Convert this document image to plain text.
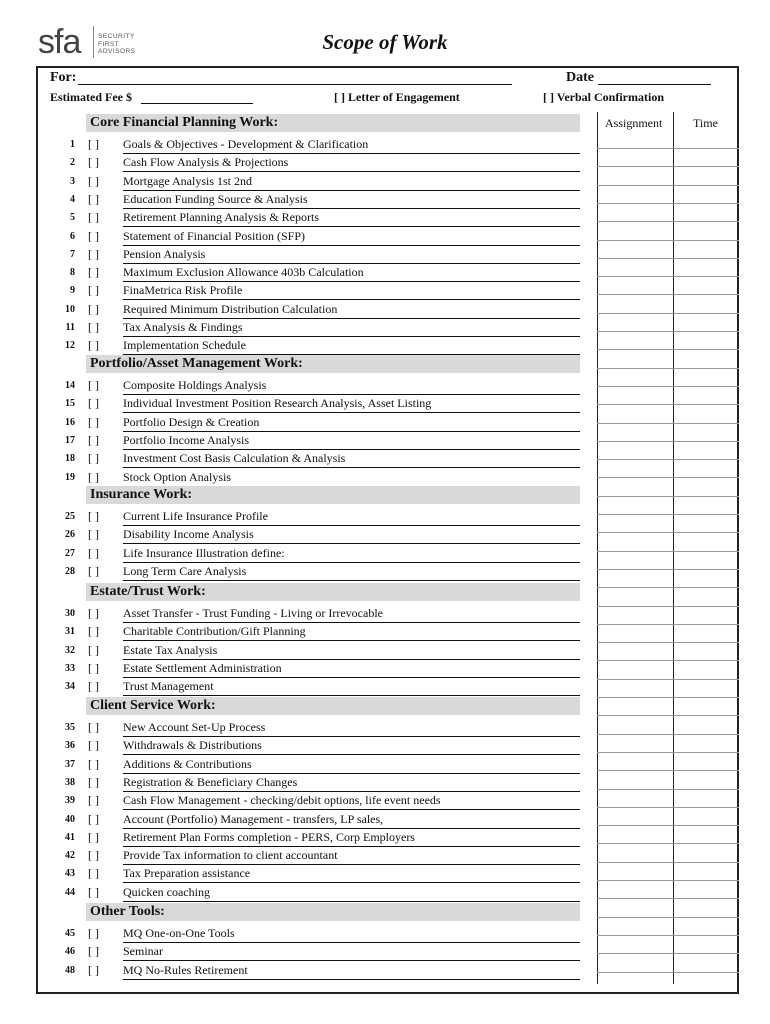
sfa	SECURITY
FIRST
ADVISORS	Scope of Work
For:	Date
Estimated Fee $	[ ] Letter of Engagement	[ ] Verbal Confirmation
Assignment	Time
Core Financial Planning Work:
1 [ ] Goals & Objectives - Development & Clarification
2 [ ] Cash Flow Analysis & Projections
3 [ ] Mortgage Analysis 1st 2nd
4 [ ] Education Funding Source & Analysis
5 [ ] Retirement Planning Analysis & Reports
6 [ ] Statement of Financial Position (SFP)
7 [ ] Pension Analysis
8 [ ] Maximum Exclusion Allowance 403b Calculation
9 [ ] FinaMetrica Risk Profile
10 [ ] Required Minimum Distribution Calculation
11 [ ] Tax Analysis & Findings
12 [ ] Implementation Schedule
Portfolio/Asset Management Work:
14 [ ] Composite Holdings Analysis
15 [ ] Individual Investment Position Research Analysis, Asset Listing
16 [ ] Portfolio Design & Creation
17 [ ] Portfolio Income Analysis
18 [ ] Investment Cost Basis Calculation & Analysis
19 [ ] Stock Option Analysis
Insurance Work:
25 [ ] Current Life Insurance Profile
26 [ ] Disability Income Analysis
27 [ ] Life Insurance Illustration define:
28 [ ] Long Term Care Analysis
Estate/Trust Work:
30 [ ] Asset Transfer - Trust Funding - Living or Irrevocable
31 [ ] Charitable Contribution/Gift Planning
32 [ ] Estate Tax Analysis
33 [ ] Estate Settlement Administration
34 [ ] Trust Management
Client Service Work:
35 [ ] New Account Set-Up Process
36 [ ] Withdrawals & Distributions
37 [ ] Additions & Contributions
38 [ ] Registration & Beneficiary Changes
39 [ ] Cash Flow Management - checking/debit options, life event needs
40 [ ] Account (Portfolio) Management - transfers, LP sales,
41 [ ] Retirement Plan Forms completion - PERS, Corp Employers
42 [ ] Provide Tax information to client accountant
43 [ ] Tax Preparation assistance
44 [ ] Quicken coaching
Other Tools:
45 [ ] MQ One-on-One Tools
46 [ ] Seminar
48 [ ] MQ No-Rules Retirement
